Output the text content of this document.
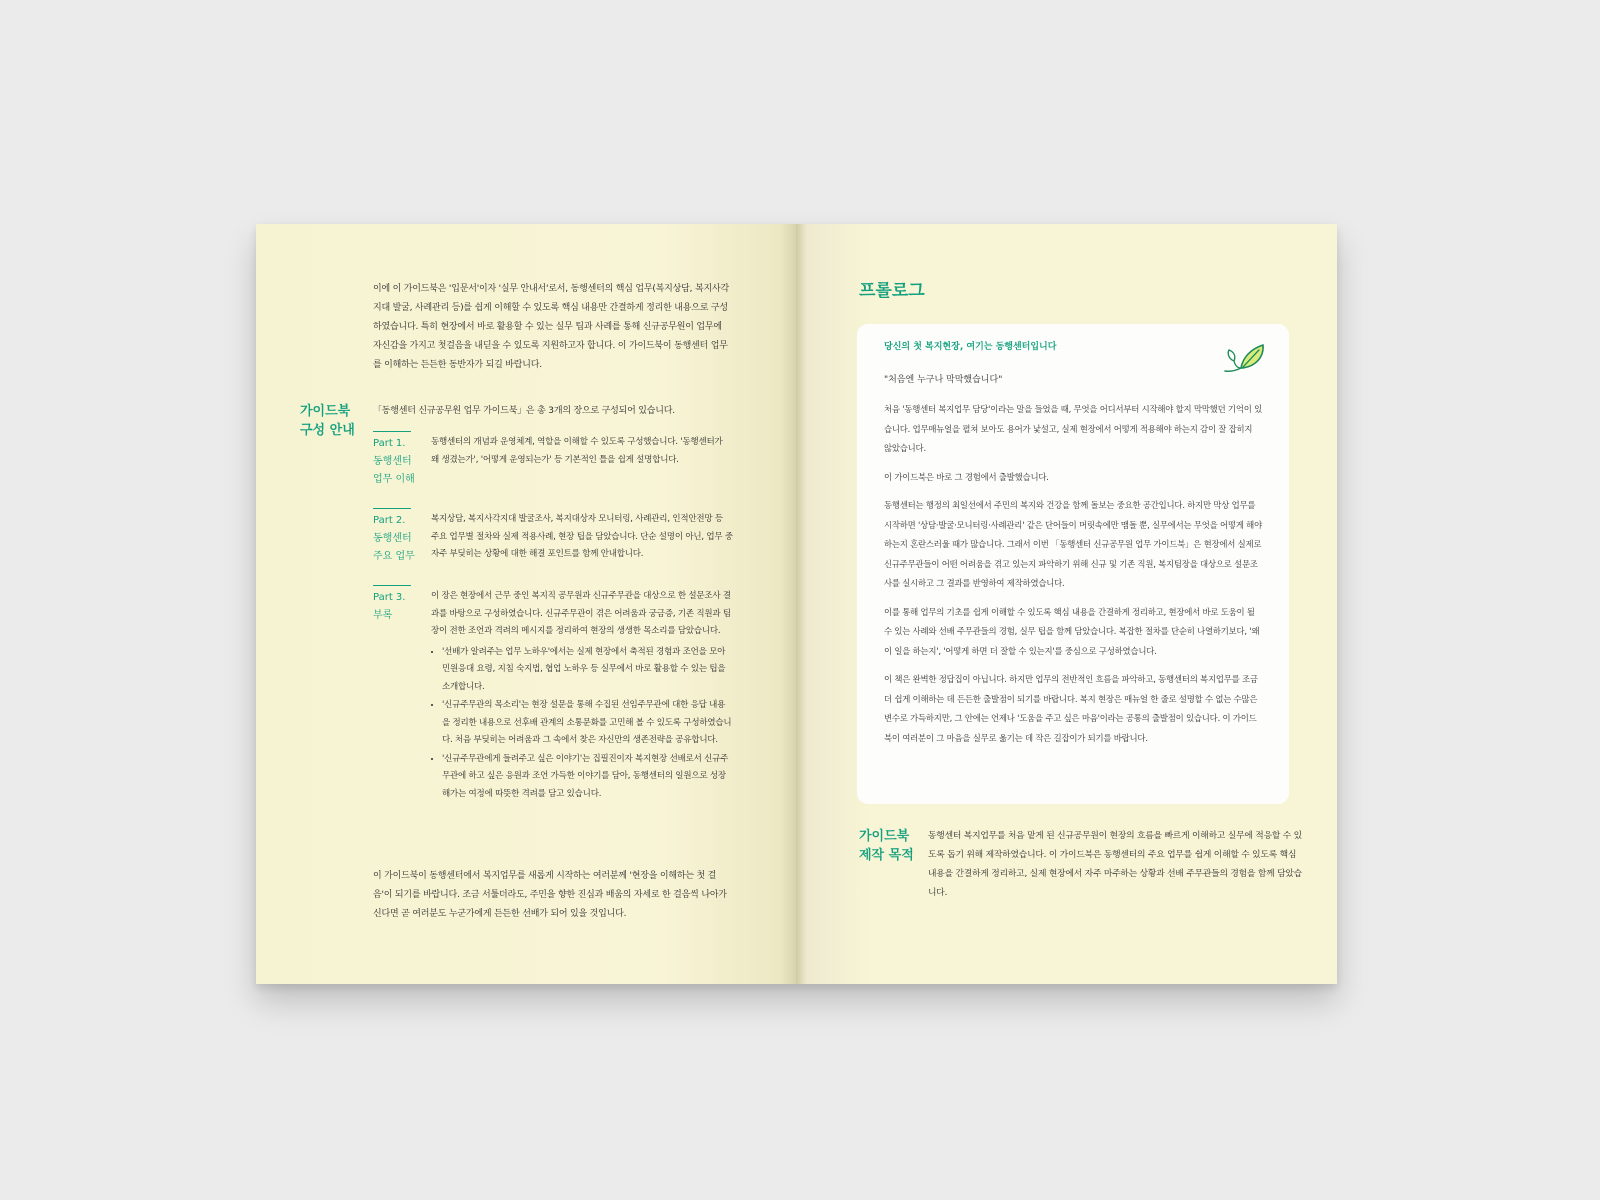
이에 이 가이드북은 '입문서'이자 '실무 안내서'로서, 동행센터의 핵심 업무(복지상담, 복지사각지대 발굴, 사례관리 등)를 쉽게 이해할 수 있도록 핵심 내용만 간결하게 정리한 내용으로 구성하였습니다. 특히 현장에서 바로 활용할 수 있는 실무 팁과 사례를 통해 신규공무원이 업무에 자신감을 가지고 첫걸음을 내딛을 수 있도록 지원하고자 합니다. 이 가이드북이 동행센터 업무를 이해하는 든든한 동반자가 되길 바랍니다.
가이드북
구성 안내
「동행센터 신규공무원 업무 가이드북」은 총 3개의 장으로 구성되어 있습니다.
Part 1.
동행센터
업무 이해
동행센터의 개념과 운영체계, 역할을 이해할 수 있도록 구성했습니다. '동행센터가 왜 생겼는가', '어떻게 운영되는가' 등 기본적인 틀을 쉽게 설명합니다.
Part 2.
동행센터
주요 업무
복지상담, 복지사각지대 발굴조사, 복지대상자 모니터링, 사례관리, 인적안전망 등 주요 업무별 절차와 실제 적용사례, 현장 팁을 담았습니다. 단순 설명이 아닌, 업무 중 자주 부딪히는 상황에 대한 해결 포인트를 함께 안내합니다.
Part 3.
부록
이 장은 현장에서 근무 중인 복지직 공무원과 신규주무관을 대상으로 한 설문조사 결과를 바탕으로 구성하였습니다. 신규주무관이 겪은 어려움과 궁금증, 기존 직원과 팀장이 전한 조언과 격려의 메시지를 정리하여 현장의 생생한 목소리를 담았습니다.
• '선배가 알려주는 업무 노하우'에서는 실제 현장에서 축적된 경험과 조언을 모아 민원응대 요령, 지침 숙지법, 협업 노하우 등 실무에서 바로 활용할 수 있는 팁을 소개합니다.
• '신규주무관의 목소리'는 현장 설문을 통해 수집된 선임주무관에 대한 응답 내용을 정리한 내용으로 선후배 관계의 소통문화를 고민해 볼 수 있도록 구성하였습니다. 처음 부딪히는 어려움과 그 속에서 찾은 자신만의 생존전략을 공유합니다.
• '신규주무관에게 들려주고 싶은 이야기'는 집필진이자 복지현장 선배로서 신규주무관에 하고 싶은 응원과 조언 가득한 이야기를 담아, 동행센터의 일원으로 성장해가는 여정에 따뜻한 격려를 담고 있습니다.
이 가이드북이 동행센터에서 복지업무를 새롭게 시작하는 여러분께 '현장을 이해하는 첫 걸음'이 되기를 바랍니다. 조금 서툴더라도, 주민을 향한 진심과 배움의 자세로 한 걸음씩 나아가신다면 곧 여러분도 누군가에게 든든한 선배가 되어 있을 것입니다.
프롤로그
당신의 첫 복지현장, 여기는 동행센터입니다
"처음엔 누구나 막막했습니다"

처음 '동행센터 복지업무 담당'이라는 말을 들었을 때, 무엇을 어디서부터 시작해야 할지 막막했던 기억이 있습니다. 업무매뉴얼을 펼쳐 보아도 용어가 낯설고, 실제 현장에서 어떻게 적용해야 하는지 감이 잘 잡히지 않았습니다.

이 가이드북은 바로 그 경험에서 출발했습니다.

동행센터는 행정의 최일선에서 주민의 복지와 건강을 함께 돌보는 중요한 공간입니다. 하지만 막상 업무를 시작하면 '상담·발굴·모니터링·사례관리' 같은 단어들이 머릿속에만 맴돌 뿐, 실무에서는 무엇을 어떻게 해야 하는지 혼란스러울 때가 많습니다. 그래서 이번 「동행센터 신규공무원 업무 가이드북」은 현장에서 실제로 신규주무관들이 어떤 어려움을 겪고 있는지 파악하기 위해 신규 및 기존 직원, 복지팀장을 대상으로 설문조사를 실시하고 그 결과를 반영하여 제작하였습니다.

이를 통해 업무의 기초를 쉽게 이해할 수 있도록 핵심 내용을 간결하게 정리하고, 현장에서 바로 도움이 될 수 있는 사례와 선배 주무관들의 경험, 실무 팁을 함께 담았습니다. 복잡한 절차를 단순히 나열하기보다, '왜 이 일을 하는지', '어떻게 하면 더 잘할 수 있는지'를 중심으로 구성하였습니다.

이 책은 완벽한 정답집이 아닙니다. 하지만 업무의 전반적인 흐름을 파악하고, 동행센터의 복지업무를 조금 더 쉽게 이해하는 데 든든한 출발점이 되기를 바랍니다. 복지 현장은 매뉴얼 한 줄로 설명할 수 없는 수많은 변수로 가득하지만, 그 안에는 언제나 '도움을 주고 싶은 마음'이라는 공통의 출발점이 있습니다. 이 가이드북이 여러분이 그 마음을 실무로 옮기는 데 작은 길잡이가 되기를 바랍니다.

가이드북
제작 목적
동행센터 복지업무를 처음 맡게 된 신규공무원이 현장의 흐름을 빠르게 이해하고 실무에 적응할 수 있도록 돕기 위해 제작하였습니다. 이 가이드북은 동행센터의 주요 업무를 쉽게 이해할 수 있도록 핵심 내용을 간결하게 정리하고, 실제 현장에서 자주 마주하는 상황과 선배 주무관들의 경험을 함께 담았습니다.
